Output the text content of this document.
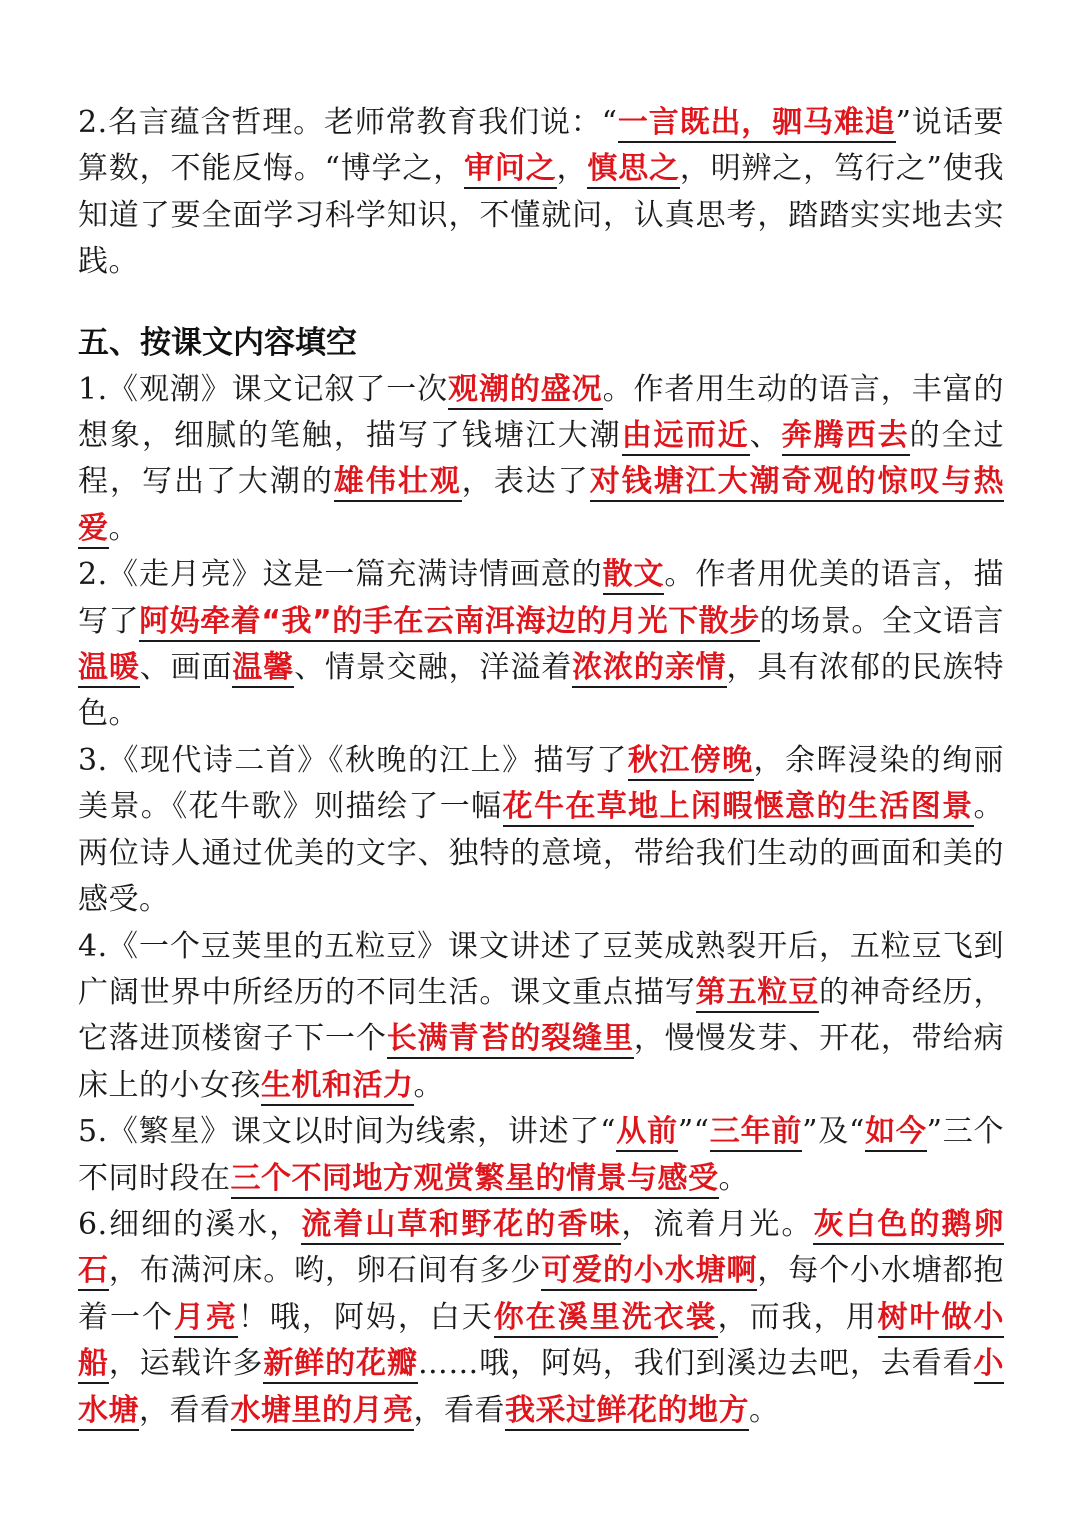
2.名言蕴含哲理。老师常教育我们说：“一言既出，驷马难追”说话要算数，不能反悔。“博学之，审问之，慎思之，明辨之，笃行之”使我知道了要全面学习科学知识，不懂就问，认真思考，踏踏实实地去实践。

五、按课文内容填空

1.《观潮》课文记叙了一次观潮的盛况。作者用生动的语言，丰富的想象，细腻的笔触，描写了钱塘江大潮由远而近、奔腾西去的全过程，写出了大潮的雄伟壮观，表达了对钱塘江大潮奇观的惊叹与热爱。

2.《走月亮》这是一篇充满诗情画意的散文。作者用优美的语言，描写了阿妈牵着“我”的手在云南洱海边的月光下散步的场景。全文语言温暖、画面温馨、情景交融，洋溢着浓浓的亲情，具有浓郁的民族特色。

3.《现代诗二首》《秋晚的江上》描写了秋江傍晚，余晖浸染的绚丽美景。《花牛歌》则描绘了一幅花牛在草地上闲暇惬意的生活图景。两位诗人通过优美的文字、独特的意境，带给我们生动的画面和美的感受。

4.《一个豆荚里的五粒豆》课文讲述了豆荚成熟裂开后，五粒豆飞到广阔世界中所经历的不同生活。课文重点描写第五粒豆的神奇经历，它落进顶楼窗子下一个长满青苔的裂缝里，慢慢发芽、开花，带给病床上的小女孩生机和活力。

5.《繁星》课文以时间为线索，讲述了“从前”“三年前”及“如今”三个不同时段在三个不同地方观赏繁星的情景与感受。

6.细细的溪水，流着山草和野花的香味，流着月光。灰白色的鹅卵石，布满河床。哟，卵石间有多少可爱的小水塘啊，每个小水塘都抱着一个月亮！哦，阿妈，白天你在溪里洗衣裳，而我，用树叶做小船，运载许多新鲜的花瓣……哦，阿妈，我们到溪边去吧，去看看小水塘，看看水塘里的月亮，看看我采过鲜花的地方。
